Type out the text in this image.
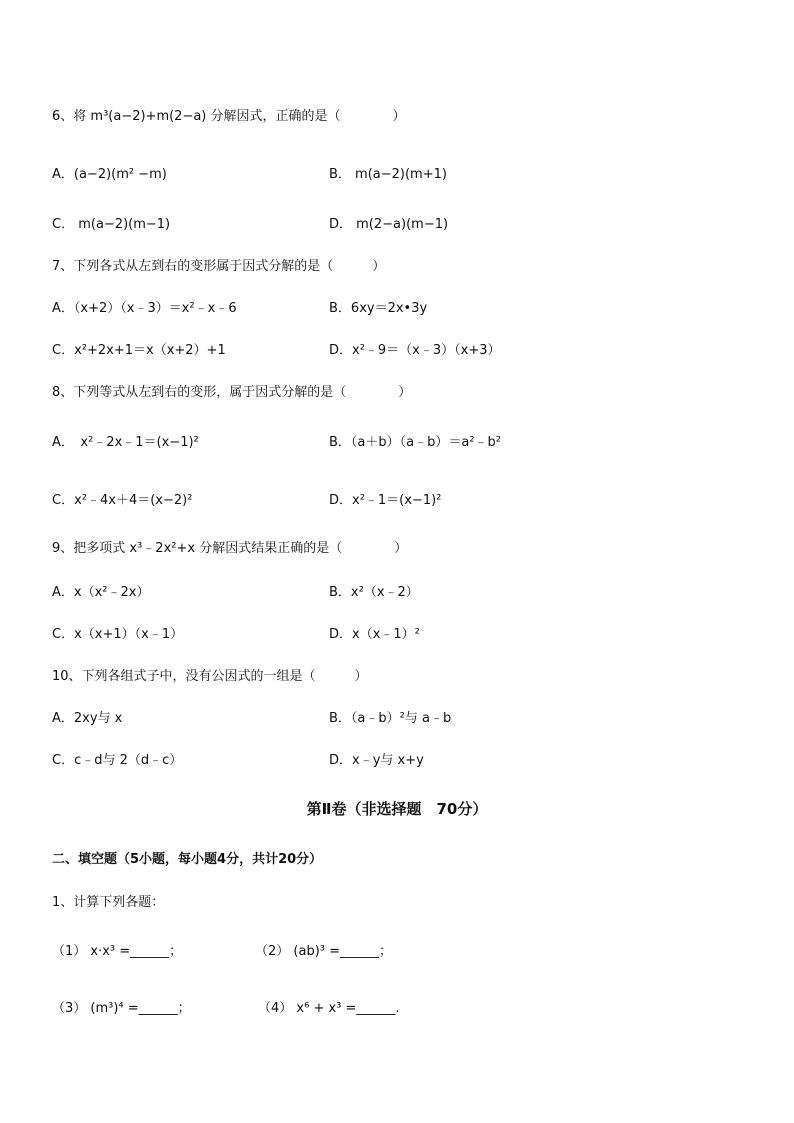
6、将 m³(a−2)+m(2−a) 分解因式，正确的是（　　　　）
A．(a−2)(m² −m)	B． m(a−2)(m+1)
C． m(a−2)(m−1)	D． m(2−a)(m−1)
7、下列各式从左到右的变形属于因式分解的是（　　　）
A．（x+2）（x﹣3）＝x²﹣x﹣6	B．6xy＝2x•3y
C．x²+2x+1＝x（x+2）+1	D．x²﹣9＝（x﹣3）（x+3）
8、下列等式从左到右的变形，属于因式分解的是（　　　　）
A．　x²﹣2x﹣1＝(x−1)²	B．（a＋b）（a﹣b）＝a²﹣b²
C．x²﹣4x＋4＝(x−2)²	D．x²﹣1＝(x−1)²
9、把多项式 x³﹣2x²+x 分解因式结果正确的是（　　　　）
A．x（x²﹣2x）	B．x²（x﹣2）
C．x（x+1）（x﹣1）	D．x（x﹣1）²
10、下列各组式子中，没有公因式的一组是（　　　）
A．2xy与 x	B．（a﹣b）²与 a﹣b
C．c﹣d与 2（d﹣c）	D．x﹣y与 x+y
第Ⅱ卷（非选择题　70分）
二、填空题（5小题，每小题4分，共计20分）
1、计算下列各题：
（1） x·x³ =______；	（2） (ab)³ =______；
（3） (m³)⁴ =______；	（4） x⁶ + x³ =______.
